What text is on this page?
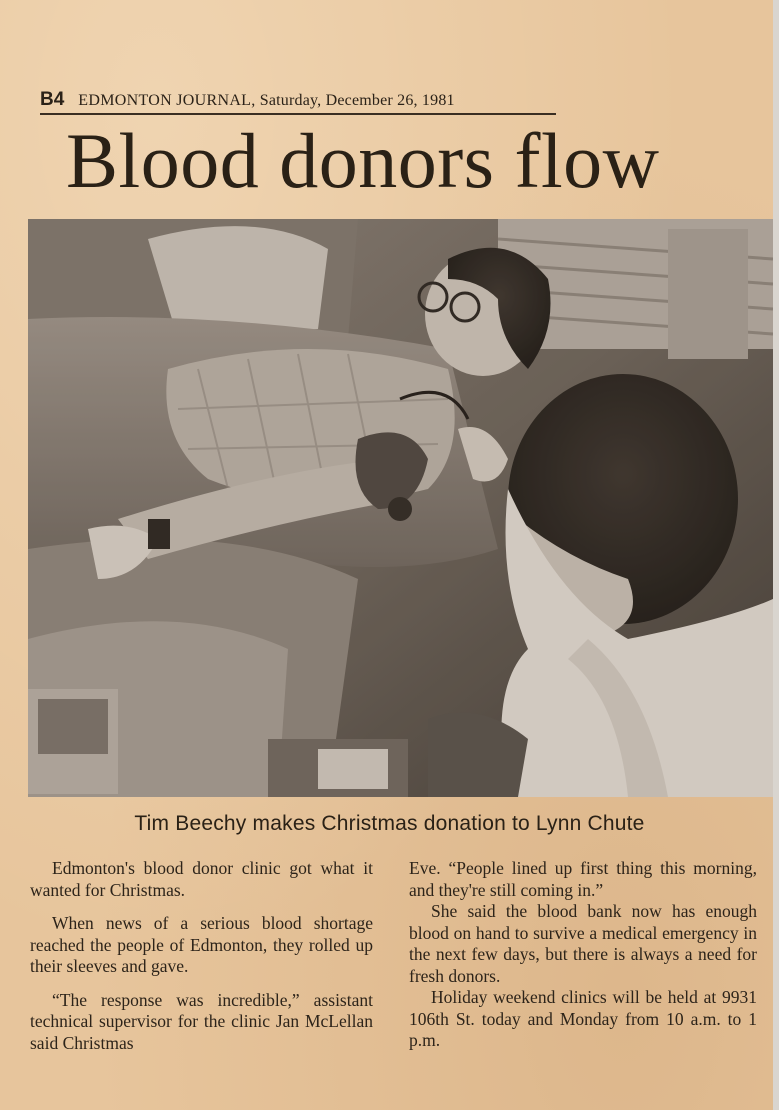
B4 EDMONTON JOURNAL, Saturday, December 26, 1981
Blood donors flow
Tim Beechy makes Christmas donation to Lynn Chute

Edmonton's blood donor clinic got what it wanted for Christmas.

When news of a serious blood shortage reached the people of Edmonton, they rolled up their sleeves and gave.

“The response was incredible,” assistant technical supervisor for the clinic Jan McLellan said Christmas

Eve. “People lined up first thing this morning, and they're still coming in.”

She said the blood bank now has enough blood on hand to survive a medical emergency in the next few days, but there is always a need for fresh donors.

Holiday weekend clinics will be held at 9931 106th St. today and Monday from 10 a.m. to 1 p.m.
